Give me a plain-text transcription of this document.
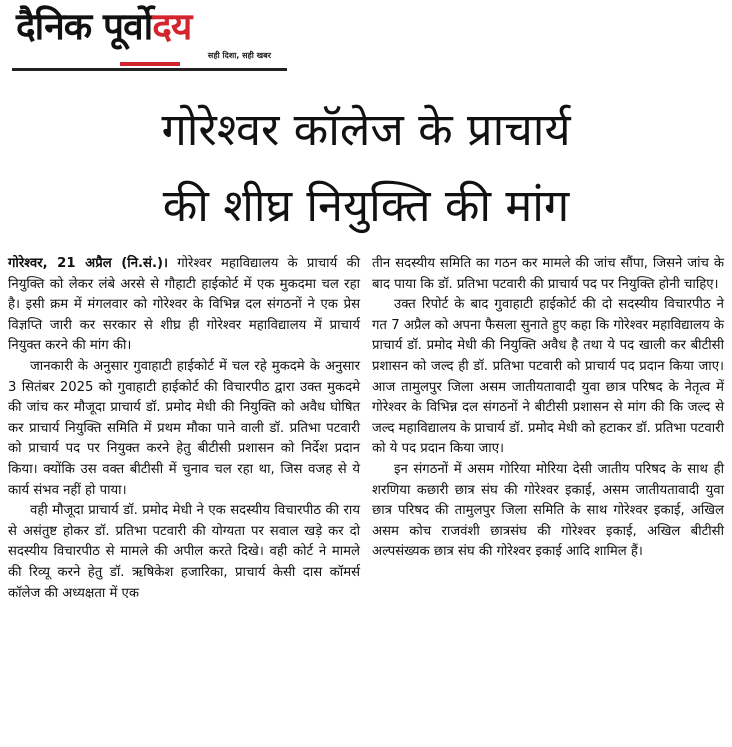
दैनिक पूर्वोदय
सही दिशा, सही खबर
गोरेश्वर कॉलेज के प्राचार्य
की शीघ्र नियुक्ति की मांग

गोरेश्वर, 21 अप्रैल (नि.सं.)। गोरेश्वर महाविद्यालय के प्राचार्य की नियुक्ति को लेकर लंबे अरसे से गौहाटी हाईकोर्ट में एक मुकदमा चल रहा है। इसी क्रम में मंगलवार को गोरेश्वर के विभिन्न दल संगठनों ने एक प्रेस विज्ञप्ति जारी कर सरकार से शीघ्र ही गोरेश्वर महाविद्यालय में प्राचार्य नियुक्त करने की मांग की।

जानकारी के अनुसार गुवाहाटी हाईकोर्ट में चल रहे मुकदमे के अनुसार 3 सितंबर 2025 को गुवाहाटी हाईकोर्ट की विचारपीठ द्वारा उक्त मुकदमे की जांच कर मौजूदा प्राचार्य डॉ. प्रमोद मेधी की नियुक्ति को अवैध घोषित कर प्राचार्य नियुक्ति समिति में प्रथम मौका पाने वाली डॉ. प्रतिभा पटवारी को प्राचार्य पद पर नियुक्त करने हेतु बीटीसी प्रशासन को निर्देश प्रदान किया। क्योंकि उस वक्त बीटीसी में चुनाव चल रहा था, जिस वजह से ये कार्य संभव नहीं हो पाया।

वही मौजूदा प्राचार्य डॉ. प्रमोद मेधी ने एक सदस्यीय विचारपीठ की राय से असंतुष्ट होकर डॉ. प्रतिभा पटवारी की योग्यता पर सवाल खड़े कर दो सदस्यीय विचारपीठ से मामले की अपील करते दिखे। वही कोर्ट ने मामले की रिव्यू करने हेतु डॉ. ऋषिकेश हजारिका, प्राचार्य केसी दास कॉमर्स कॉलेज की अध्यक्षता में एक

तीन सदस्यीय समिति का गठन कर मामले की जांच सौंपा, जिसने जांच के बाद पाया कि डॉ. प्रतिभा पटवारी की प्राचार्य पद पर नियुक्ति होनी चाहिए।

उक्त रिपोर्ट के बाद गुवाहाटी हाईकोर्ट की दो सदस्यीय विचारपीठ ने गत 7 अप्रैल को अपना फैसला सुनाते हुए कहा कि गोरेश्वर महाविद्यालय के प्राचार्य डॉ. प्रमोद मेधी की नियुक्ति अवैध है तथा ये पद खाली कर बीटीसी प्रशासन को जल्द ही डॉ. प्रतिभा पटवारी को प्राचार्य पद प्रदान किया जाए। आज तामुलपुर जिला असम जातीयतावादी युवा छात्र परिषद के नेतृत्व में गोरेश्वर के विभिन्न दल संगठनों ने बीटीसी प्रशासन से मांग की कि जल्द से जल्द महाविद्यालय के प्राचार्य डॉ. प्रमोद मेधी को हटाकर डॉ. प्रतिभा पटवारी को ये पद प्रदान किया जाए।

इन संगठनों में असम गोरिया मोरिया देसी जातीय परिषद के साथ ही शरणिया कछारी छात्र संघ की गोरेश्वर इकाई, असम जातीयतावादी युवा छात्र परिषद की तामुलपुर जिला समिति के साथ गोरेश्वर इकाई, अखिल असम कोच राजवंशी छात्रसंघ की गोरेश्वर इकाई, अखिल बीटीसी अल्पसंख्यक छात्र संघ की गोरेश्वर इकाई आदि शामिल हैं।
